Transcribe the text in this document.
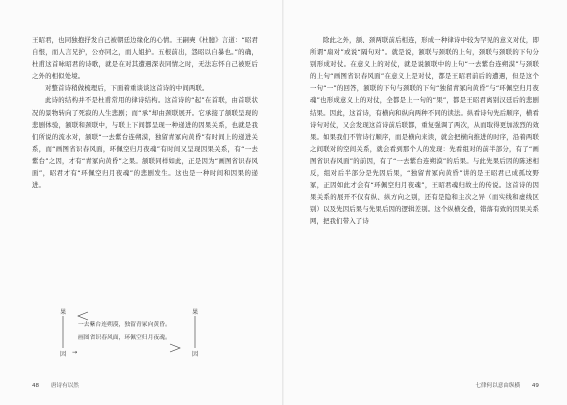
王昭君，也同独抱抒发自己被朝廷边缘化的心情。王嗣奭《杜臆》言道：“昭君自恨，而人言兄护，公亦同之，而人姐护。五根前出，怨昭以自暴也。”的确，杜甫这首咏昭君的诗歌，就是在对其遭遇深表同情之时，无法忘怀自己被贬后之外的相似处境。

对整首诗稍做梳理后，下面着重谈谈这首诗的中间两联。

此诗的结构并不是杜甫常用的律诗结构。这首诗的“起”在首联，由首联状况的景物转向了死寂的人生悲剧；而“承”却由颈联展开。它承接了颔联呈现的悲剧体验，颔联和颈联中，与联上下间都呈现一种递进的因果关系，也就是我们所说的流水对，颔联“一去紫台连朔漠，独留青冢向黄昏”有时间上的递进关系，而“画图省识春风面，环佩空归月夜魂”有时间又呈现因果关系，有“一去紫台”之因，才有“青冢向黄昏”之果。颔联同样如此，正是因为“画图省识春风面”，昭君才有“环佩空归月夜魂”的悲剧发生。这也是一种时间和因果的递进。

果	果
一去紫台连朔漠，独留青冢向黄昏。
画图省识春风面，环佩空归月夜魂。
因 →	因
48 唐诗有以然

除此之外，颔、颈两联前后相连，形成一种律诗中较为罕见的意义对仗，即所谓“扇对”或说“隔句对”。就是说，颔联与颈联的上句，颈联与颈联的下句分别形成对仗。在意义上的对仗，就是说颔联中的上句“一去紫台连朔漠”与颈联的上句“画图省识春风面”在意义上是对仗，都是王昭君前后的遭遇，但是这个一句“一”的回答，颔联的下句与颈联的下句“独留青冢向黄昏”与“环佩空归月夜魂”也形成意义上的对仗，全都是上一句的“果”，都是王昭君离别汉廷后的悲剧结果。因此，这首诗，有横向和纵向两种不同的读法。纵看诗句先后顺序，横看诗句对仗，又会发现这首诗前后联都，重复强调了两次，从而取得更加浓烈的效果。如果我们不管诗行顺序，而是横向来读，就会把横向推进的时序，沿着两联之间联对的空间关系，就会看到那个人的发现：先看组对的前半部分，有了“画图省识春风面”的前因，有了“一去紫台连朔漠”的后果。与此先果后因的陈述相反，组对后半部分是先因后果，“独留青冢向黄昏”讲的是王昭君已成孤坟野冢，正因如此才会有“环佩空归月夜魂”，王昭君魂归故土的传说。这首诗的因果关系的展开不仅有纵、纵方向之别，还有是隐和主次之异（而实线和虚线区别）以及先因后果与先果后因的逻辑差别。这个纵横交叠，错落有致的因果关系网，把我们带入了诗

七律何以意由纵横 49
